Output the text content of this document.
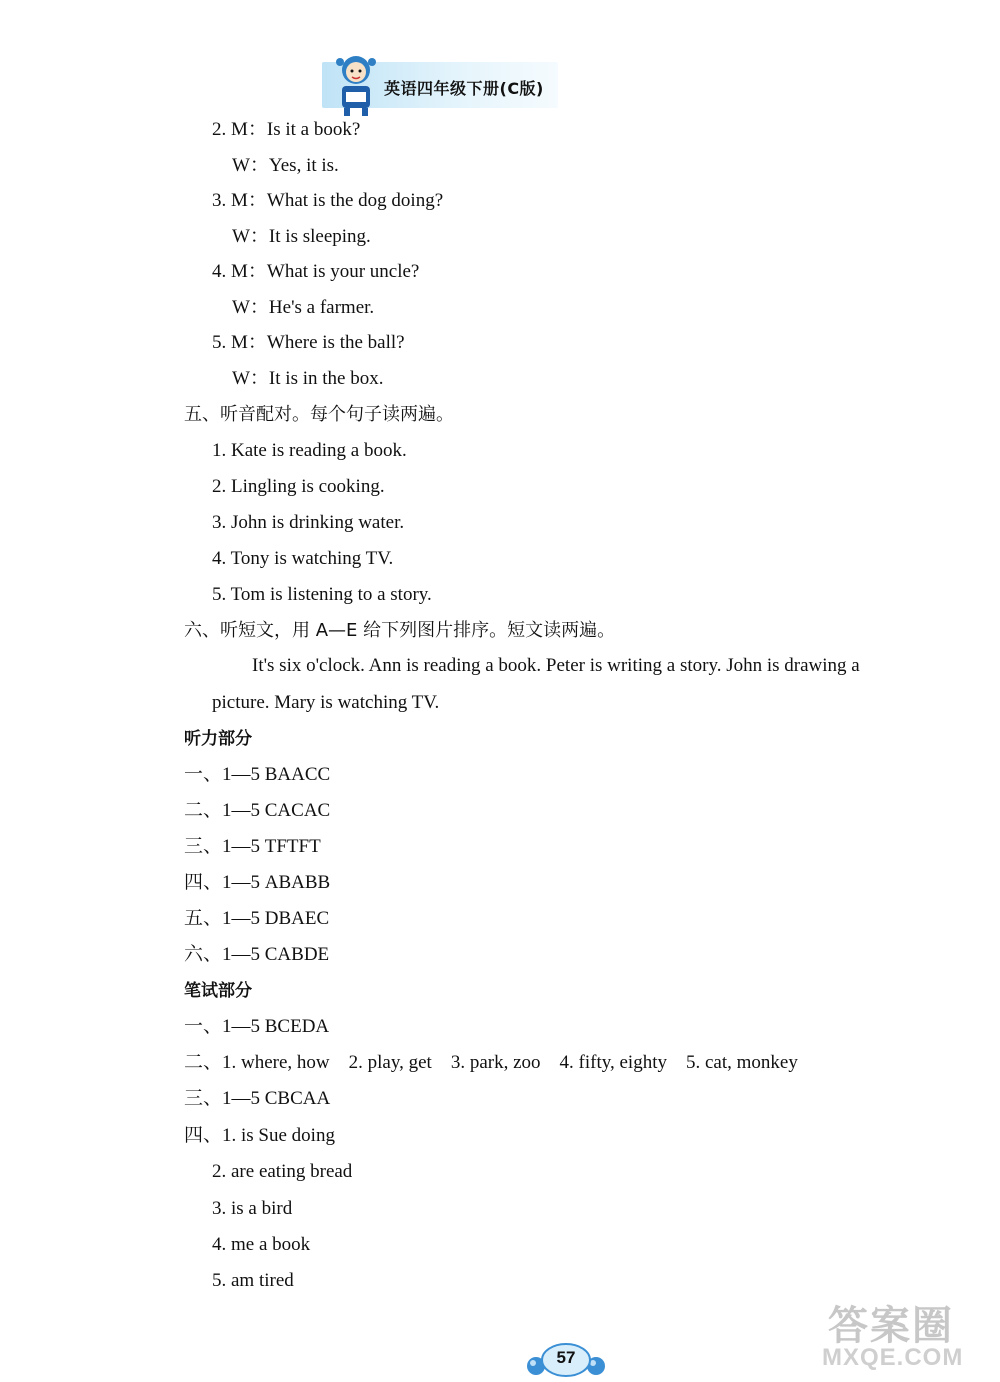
英语四年级下册(C版)
2. M：Is it a book?
W：Yes, it is.
3. M：What is the dog doing?
W：It is sleeping.
4. M：What is your uncle?
W：He's a farmer.
5. M：Where is the ball?
W：It is in the box.
五、听音配对。每个句子读两遍。
1. Kate is reading a book.
2. Lingling is cooking.
3. John is drinking water.
4. Tony is watching TV.
5. Tom is listening to a story.
六、听短文，用 A—E 给下列图片排序。短文读两遍。
It's six o'clock. Ann is reading a book. Peter is writing a story. John is drawing a
picture. Mary is watching TV.
听力部分
一、1—5 BAACC
二、1—5 CACAC
三、1—5 TFTFT
四、1—5 ABABB
五、1—5 DBAEC
六、1—5 CABDE
笔试部分
一、1—5 BCEDA
二、1. where, how    2. play, get    3. park, zoo    4. fifty, eighty    5. cat, monkey
三、1—5 CBCAA
四、1. is Sue doing
2. are eating bread
3. is a bird
4. me a book
5. am tired
57
答案圈
MXQE.COM
